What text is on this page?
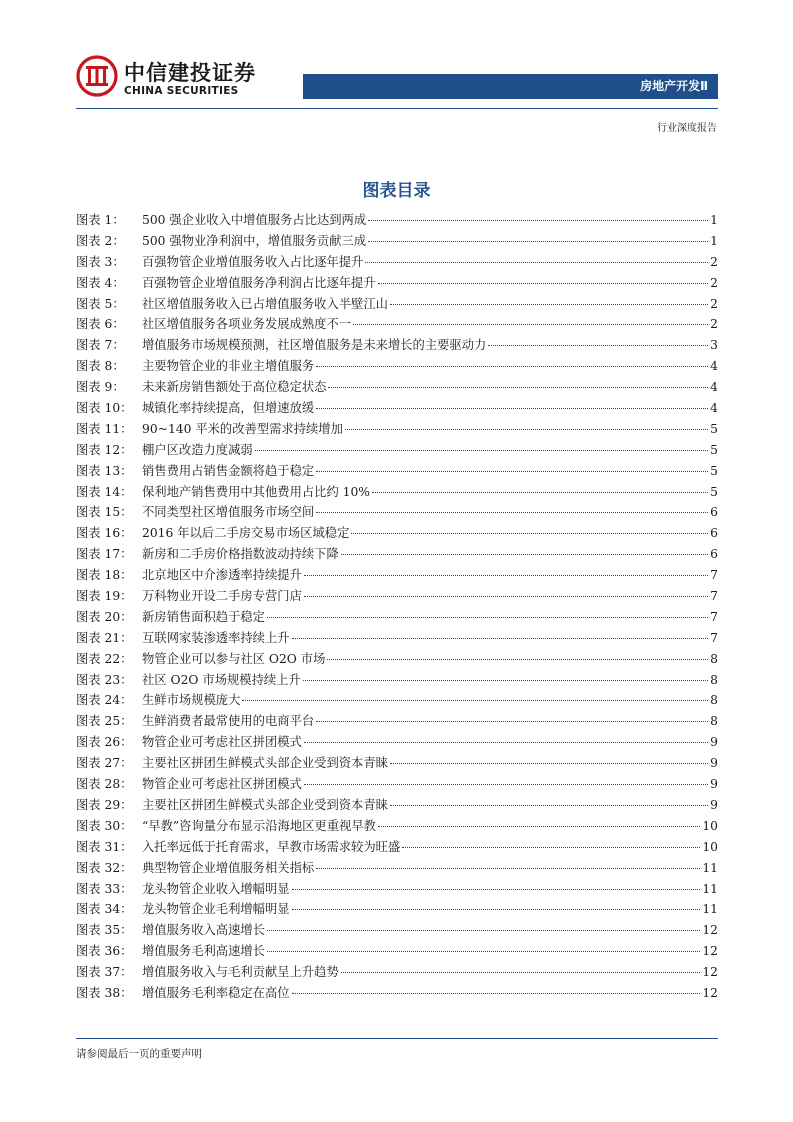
中信建投证券
CHINA SECURITIES	房地产开发Ⅱ
行业深度报告
图表目录
图表 1：	500 强企业收入中增值服务占比达到两成	1
图表 2：	500 强物业净利润中，增值服务贡献三成	1
图表 3：	百强物管企业增值服务收入占比逐年提升	2
图表 4：	百强物管企业增值服务净利润占比逐年提升	2
图表 5：	社区增值服务收入已占增值服务收入半壁江山	2
图表 6：	社区增值服务各项业务发展成熟度不一	2
图表 7：	增值服务市场规模预测，社区增值服务是未来增长的主要驱动力	3
图表 8：	主要物管企业的非业主增值服务	4
图表 9：	未来新房销售额处于高位稳定状态	4
图表 10： 城镇化率持续提高，但增速放缓	4
图表 11： 90~140 平米的改善型需求持续增加	5
图表 12： 棚户区改造力度减弱	5
图表 13： 销售费用占销售金额将趋于稳定	5
图表 14： 保利地产销售费用中其他费用占比约 10%	5
图表 15： 不同类型社区增值服务市场空间	6
图表 16： 2016 年以后二手房交易市场区域稳定	6
图表 17： 新房和二手房价格指数波动持续下降	6
图表 18： 北京地区中介渗透率持续提升	7
图表 19： 万科物业开设二手房专营门店	7
图表 20： 新房销售面积趋于稳定	7
图表 21： 互联网家装渗透率持续上升	7
图表 22： 物管企业可以参与社区 O2O 市场	8
图表 23： 社区 O2O 市场规模持续上升	8
图表 24： 生鲜市场规模庞大	8
图表 25： 生鲜消费者最常使用的电商平台	8
图表 26： 物管企业可考虑社区拼团模式	9
图表 27： 主要社区拼团生鲜模式头部企业受到资本青睐	9
图表 28： 物管企业可考虑社区拼团模式	9
图表 29： 主要社区拼团生鲜模式头部企业受到资本青睐	9
图表 30： “早教”咨询量分布显示沿海地区更重视早教	10
图表 31： 入托率远低于托育需求，早教市场需求较为旺盛	10
图表 32： 典型物管企业增值服务相关指标	11
图表 33： 龙头物管企业收入增幅明显	11
图表 34： 龙头物管企业毛利增幅明显	11
图表 35： 增值服务收入高速增长	12
图表 36： 增值服务毛利高速增长	12
图表 37： 增值服务收入与毛利贡献呈上升趋势	12
图表 38： 增值服务毛利率稳定在高位	12
请参阅最后一页的重要声明
